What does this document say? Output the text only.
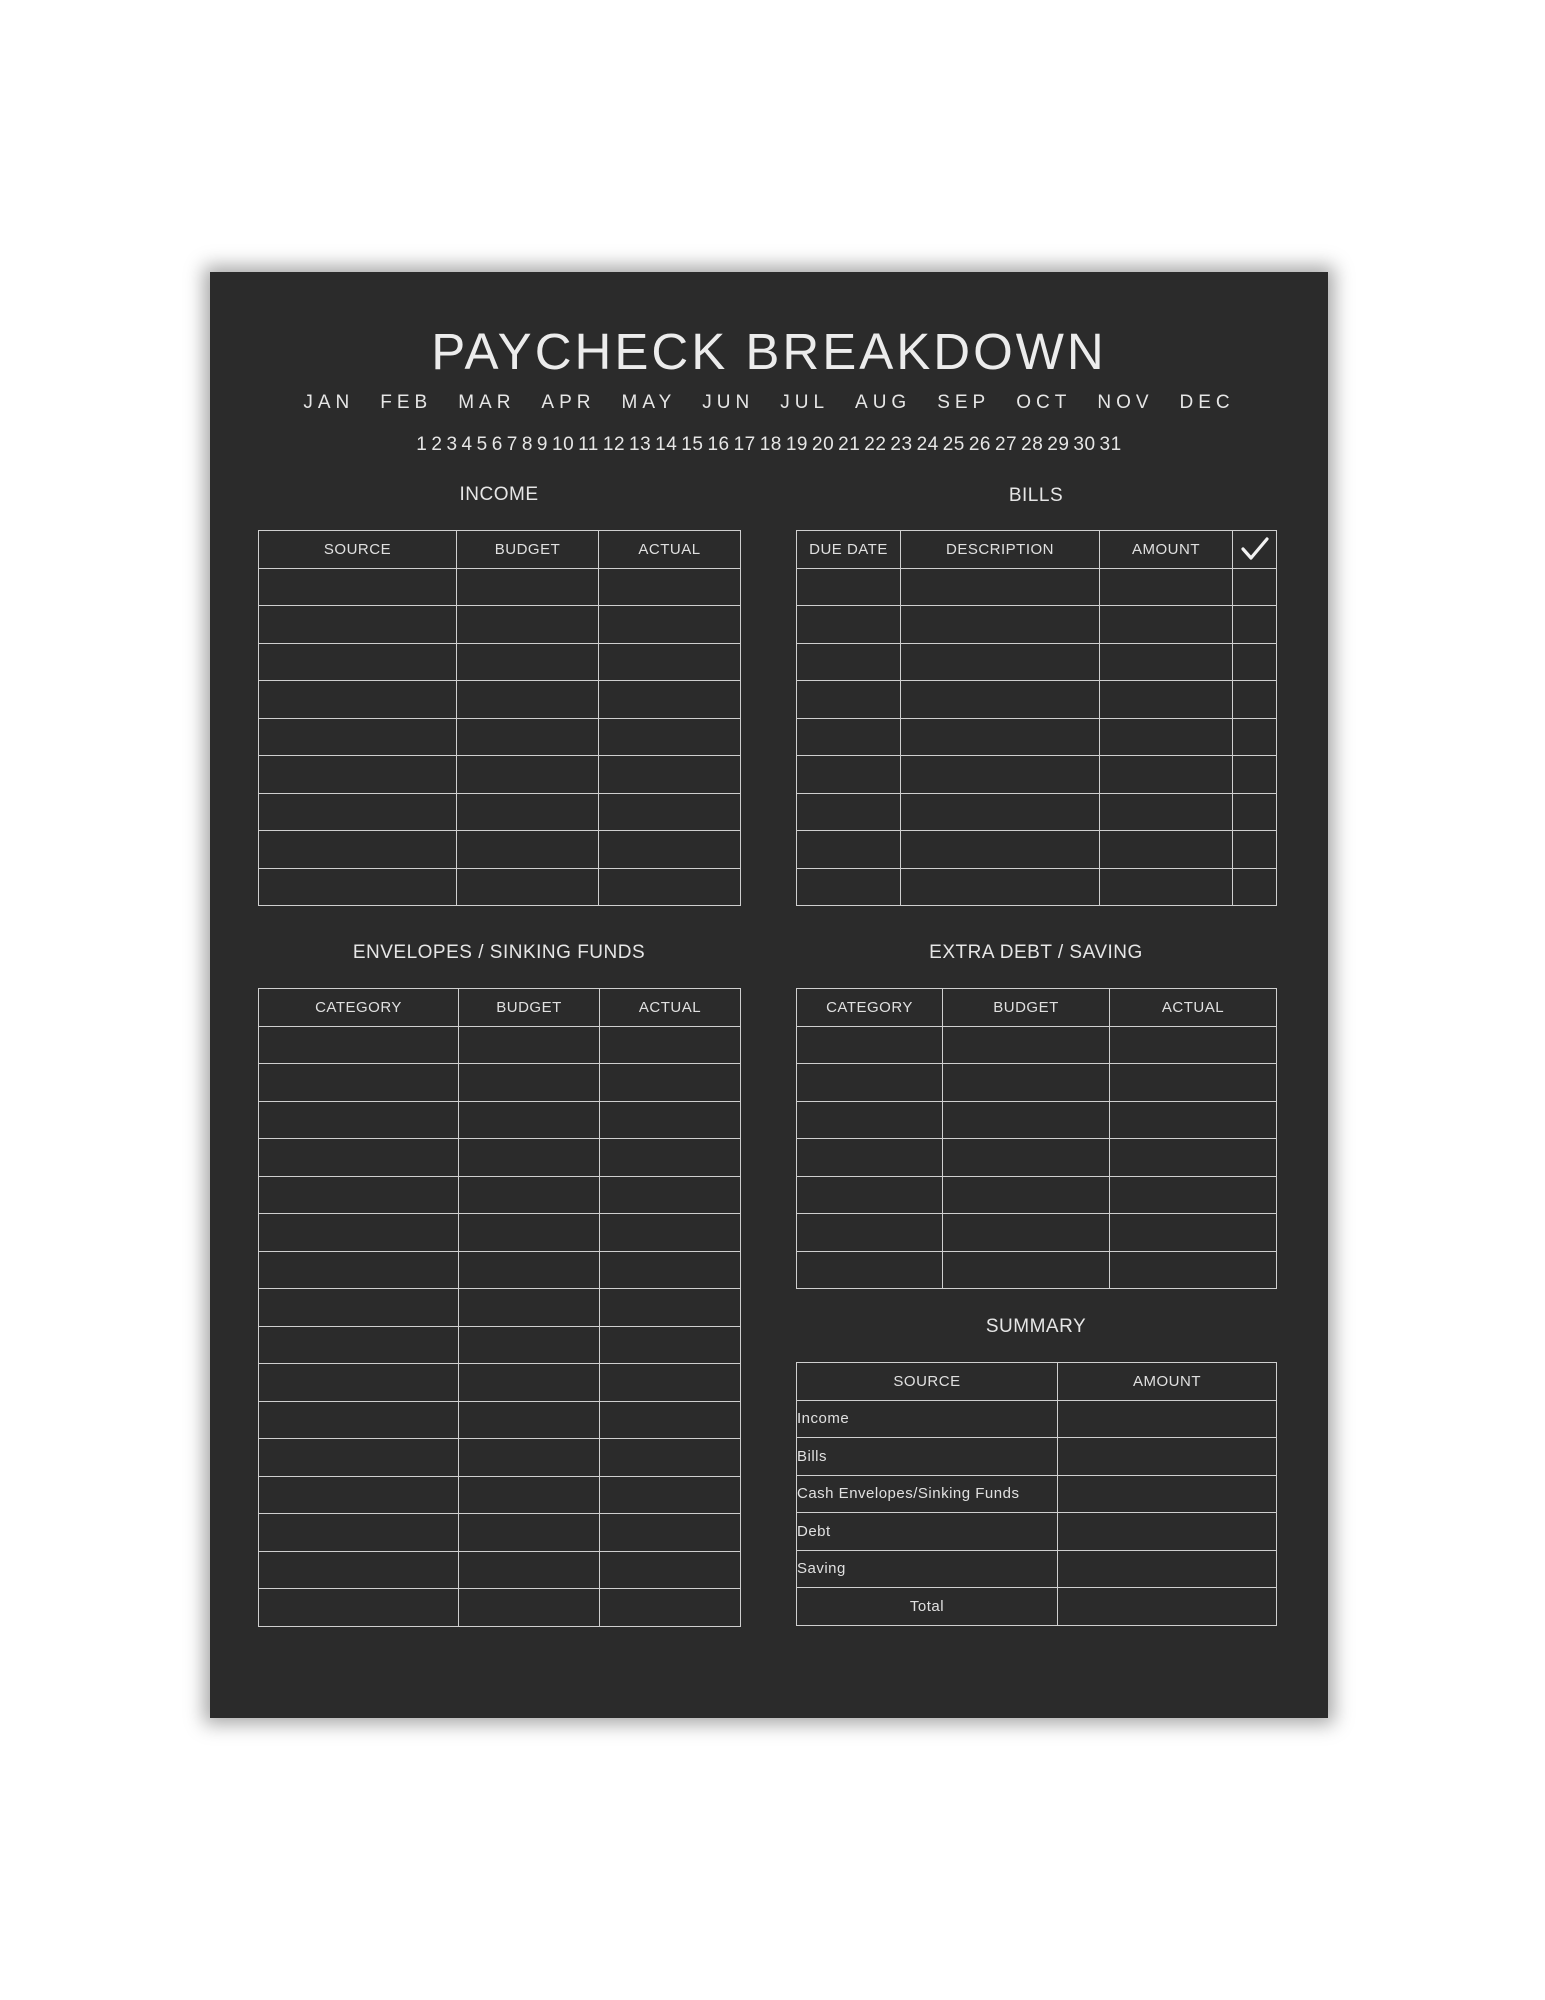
PAYCHECK BREAKDOWN
JAN FEB MAR APR MAY JUN JUL AUG SEP OCT NOV DEC
1 2 3 4 5 6 7 8 9 10 11 12 13 14 15 16 17 18 19 20 21 22 23 24 25 26 27 28 29 30 31
INCOME
SOURCE	BUDGET	ACTUAL

BILLS
DUE DATE	DESCRIPTION	AMOUNT	

ENVELOPES / SINKING FUNDS
CATEGORY	BUDGET	ACTUAL

EXTRA DEBT / SAVING
CATEGORY	BUDGET	ACTUAL

SUMMARY
SOURCE	AMOUNT
Income	
Bills	
Cash Envelopes/Sinking Funds	
Debt	
Saving	
Total	
